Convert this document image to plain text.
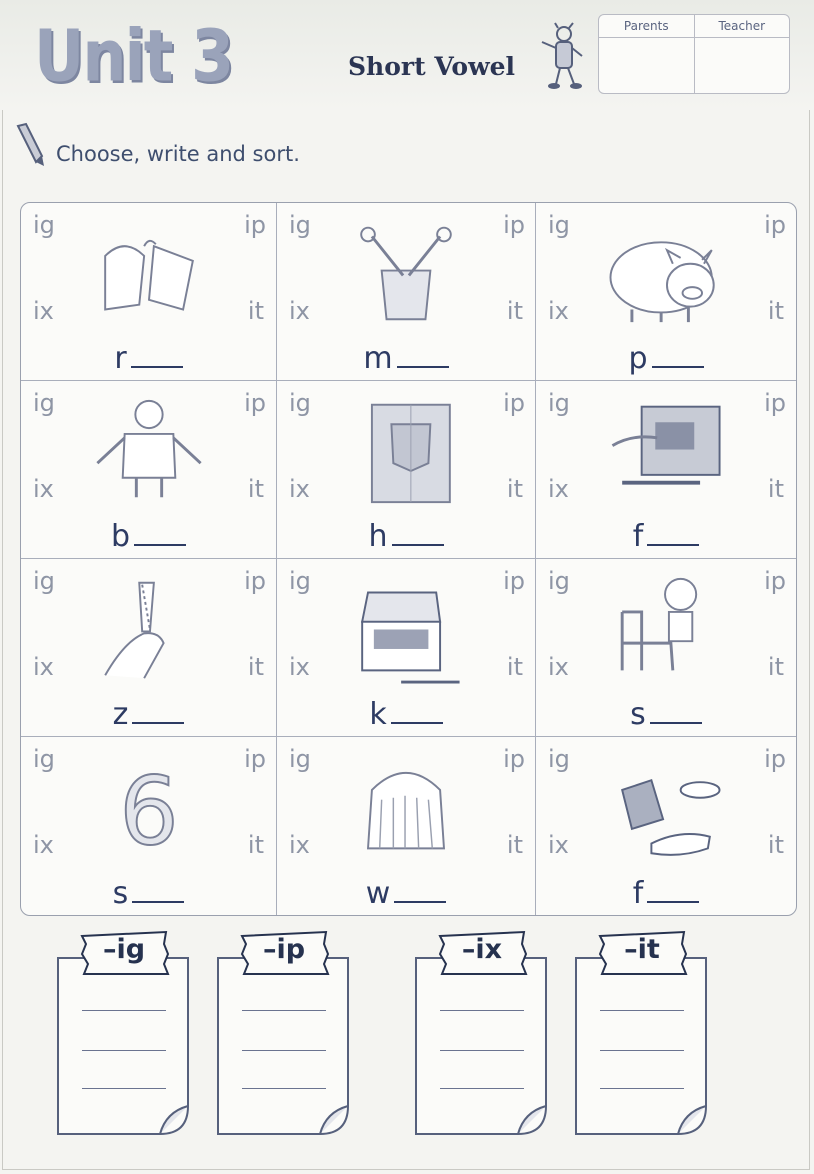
Unit 3	Short Vowel
Parents	Teacher
Choose, write and sort.
ig	ip
ix	it
r
ig	ip
ix	it
m
ig	ip
ix	it
p
ig	ip
ix	it
b
ig	ip
ix	it
h
ig	ip
ix	it
f
ig	ip
ix	it
z
ig	ip
ix	it
k
ig	ip
ix	it
s
ig	ip
ix	it
6
s
ig	ip
ix	it
w
ig	ip
ix	it
f
–ig	–ip	–ix	–it
